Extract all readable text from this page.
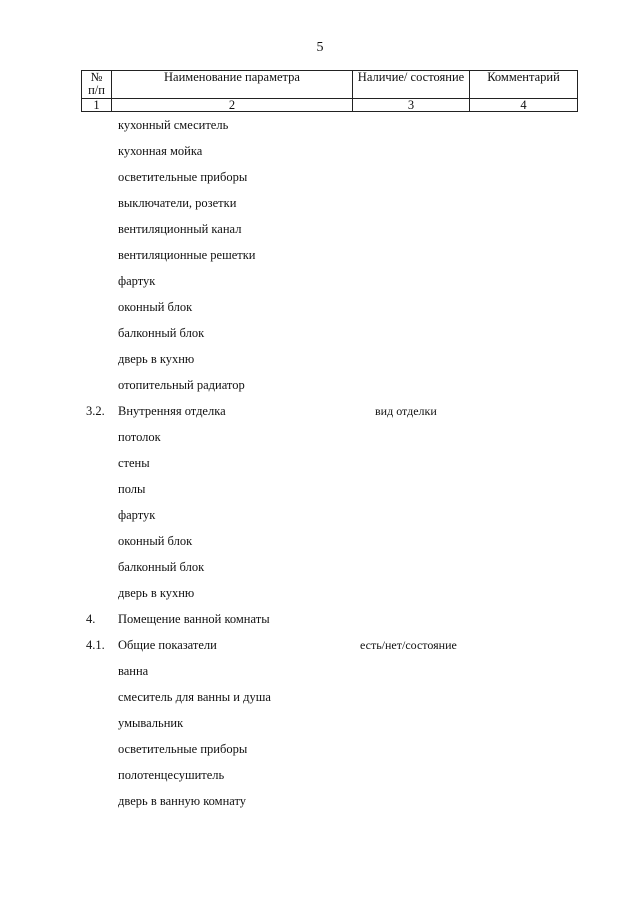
5
№ п/п	Наименование параметра	Наличие/ состояние	Комментарий
1	2	3	4
кухонный смеситель
кухонная мойка
осветительные приборы
выключатели, розетки
вентиляционный канал
вентиляционные решетки
фартук
оконный блок
балконный блок
дверь в кухню
отопительный радиатор
3.2. Внутренняя отделка	вид отделки
потолок
стены
полы
фартук
оконный блок
балконный блок
дверь в кухню
4. Помещение ванной комнаты
4.1. Общие показатели	есть/нет/состояние
ванна
смеситель для ванны и душа
умывальник
осветительные приборы
полотенцесушитель
дверь в ванную комнату
